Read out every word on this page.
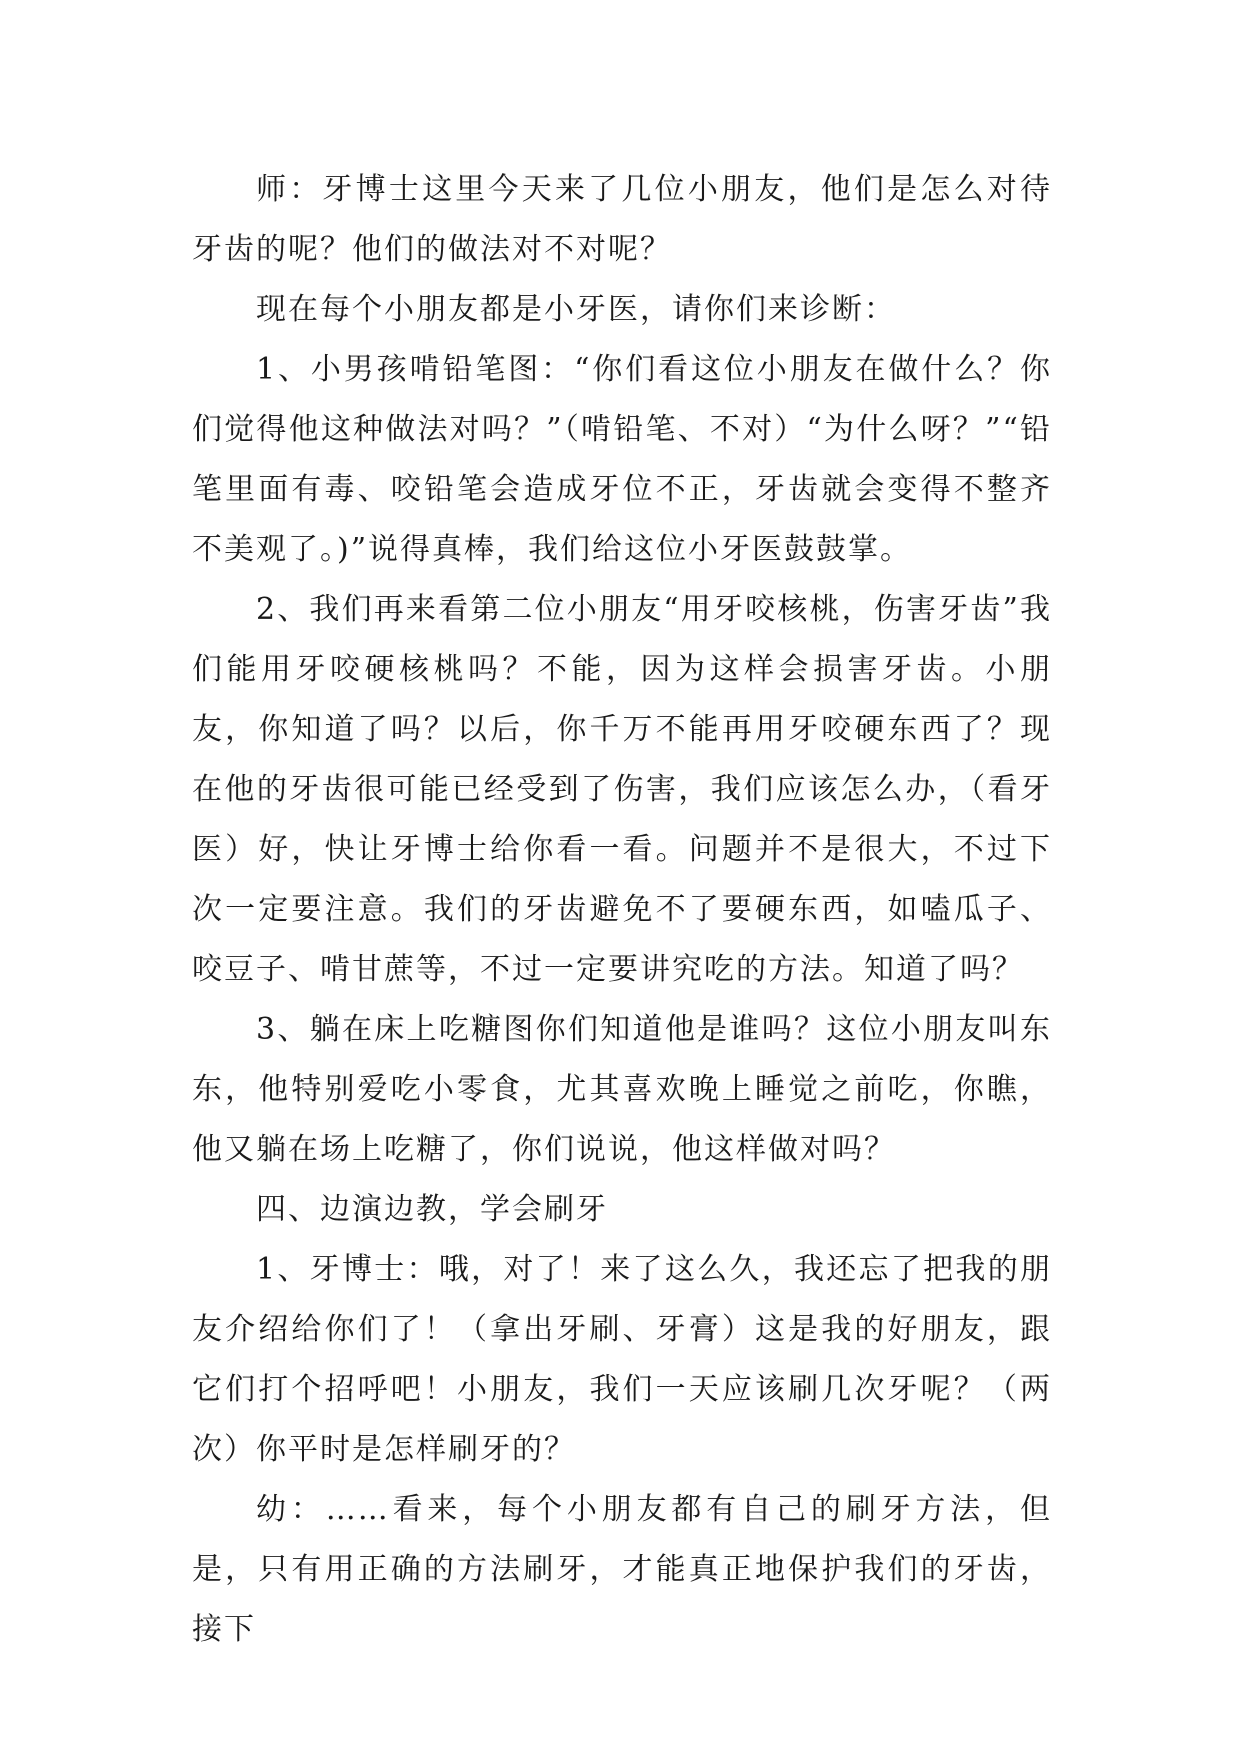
师：牙博士这里今天来了几位小朋友，他们是怎么对待牙齿的呢？他们的做法对不对呢？

现在每个小朋友都是小牙医，请你们来诊断：

1、小男孩啃铅笔图：“你们看这位小朋友在做什么？你们觉得他这种做法对吗？”（啃铅笔、不对）“为什么呀？”“铅笔里面有毒、咬铅笔会造成牙位不正，牙齿就会变得不整齐不美观了。)”说得真棒，我们给这位小牙医鼓鼓掌。

2、我们再来看第二位小朋友“用牙咬核桃，伤害牙齿”我们能用牙咬硬核桃吗？不能，因为这样会损害牙齿。小朋友，你知道了吗？以后，你千万不能再用牙咬硬东西了？现在他的牙齿很可能已经受到了伤害，我们应该怎么办，（看牙医）好，快让牙博士给你看一看。问题并不是很大，不过下次一定要注意。我们的牙齿避免不了要硬东西，如嗑瓜子、咬豆子、啃甘蔗等，不过一定要讲究吃的方法。知道了吗？

3、躺在床上吃糖图你们知道他是谁吗？这位小朋友叫东东，他特别爱吃小零食，尤其喜欢晚上睡觉之前吃，你瞧，他又躺在场上吃糖了，你们说说，他这样做对吗？

四、边演边教，学会刷牙

1、牙博士：哦，对了！来了这么久，我还忘了把我的朋友介绍给你们了！（拿出牙刷、牙膏）这是我的好朋友，跟它们打个招呼吧！小朋友，我们一天应该刷几次牙呢？（两次）你平时是怎样刷牙的？

幼：……看来，每个小朋友都有自己的刷牙方法，但是，只有用正确的方法刷牙，才能真正地保护我们的牙齿，接下
